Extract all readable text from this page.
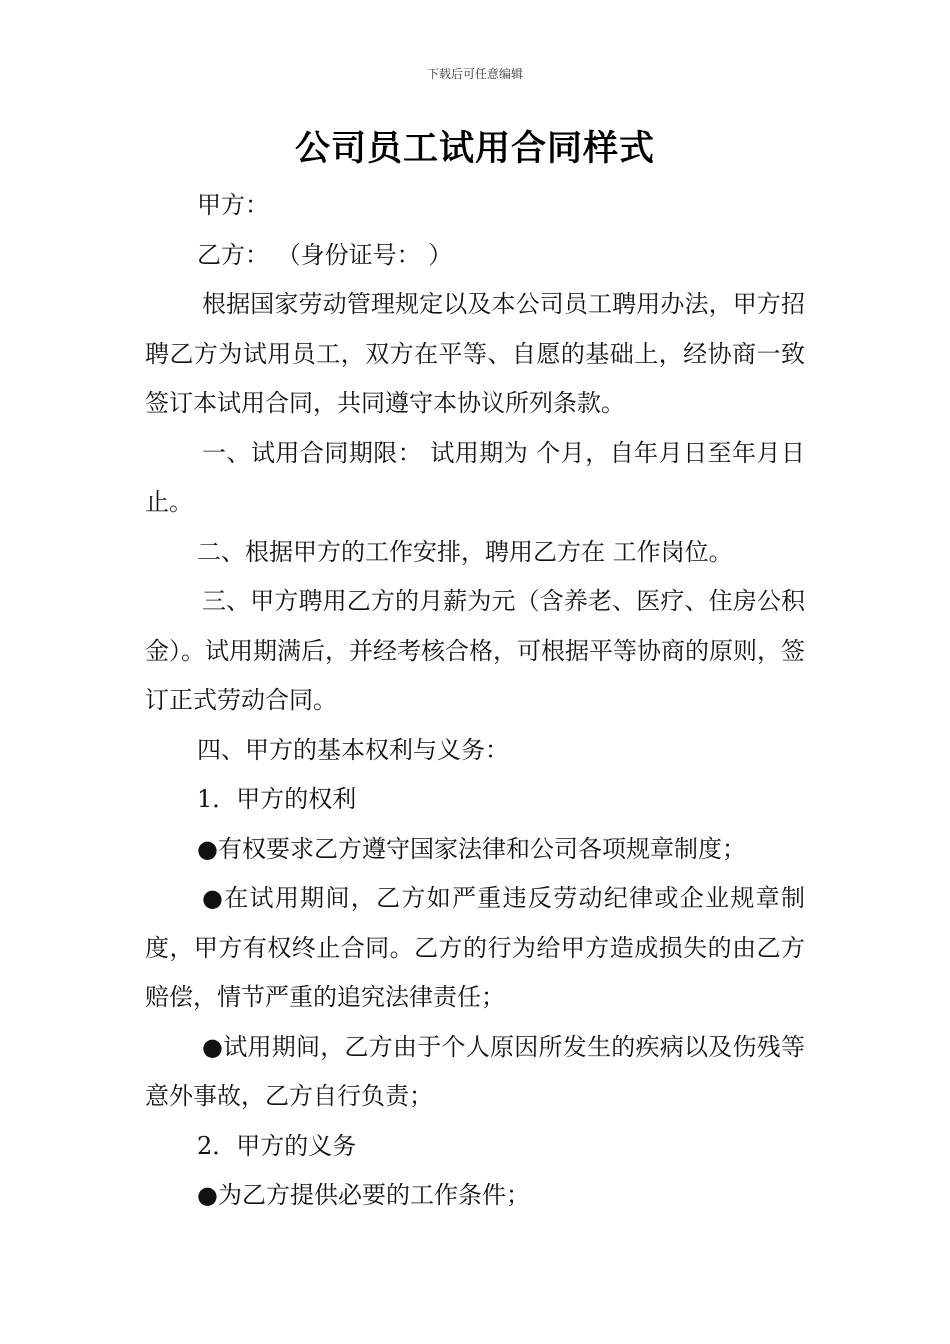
下载后可任意编辑
公司员工试用合同样式

甲方：

乙方： （身份证号： ）

根据国家劳动管理规定以及本公司员工聘用办法，甲方招聘乙方为试用员工，双方在平等、自愿的基础上，经协商一致签订本试用合同，共同遵守本协议所列条款。

一、试用合同期限： 试用期为 个月，自年月日至年月日止。

二、根据甲方的工作安排，聘用乙方在 工作岗位。

三、甲方聘用乙方的月薪为元（含养老、医疗、住房公积金）。试用期满后，并经考核合格，可根据平等协商的原则，签订正式劳动合同。

四、甲方的基本权利与义务：

1．甲方的权利

●有权要求乙方遵守国家法律和公司各项规章制度；

●在试用期间，乙方如严重违反劳动纪律或企业规章制度，甲方有权终止合同。乙方的行为给甲方造成损失的由乙方赔偿，情节严重的追究法律责任；

●试用期间，乙方由于个人原因所发生的疾病以及伤残等意外事故，乙方自行负责；

2．甲方的义务

●为乙方提供必要的工作条件；
